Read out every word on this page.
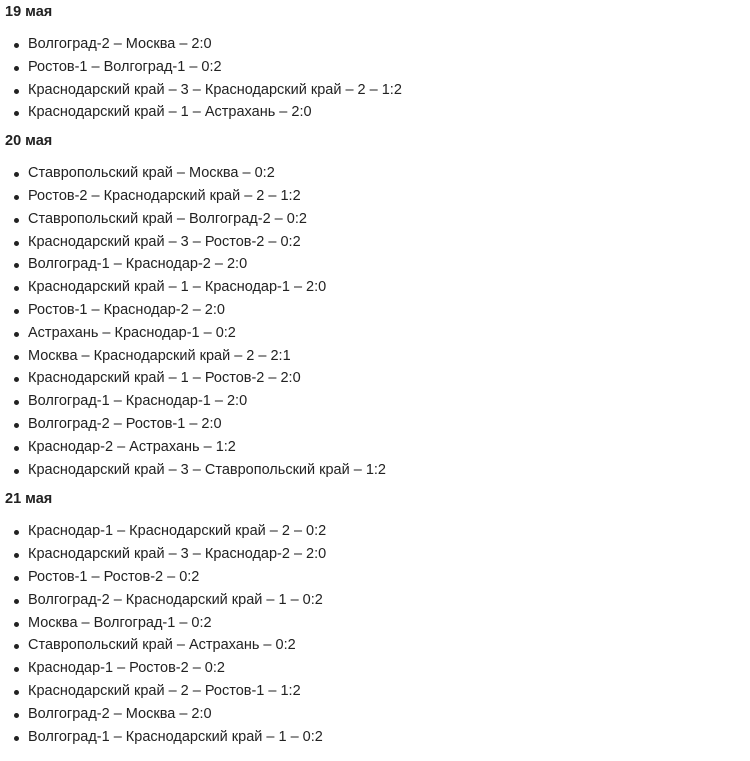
19 мая
Волгоград-2 – Москва – 2:0
Ростов-1 – Волгоград-1 – 0:2
Краснодарский край – 3 – Краснодарский край – 2 – 1:2
Краснодарский край – 1 – Астрахань – 2:0
20 мая
Ставропольский край – Москва – 0:2
Ростов-2 – Краснодарский край – 2 – 1:2
Ставропольский край – Волгоград-2 – 0:2
Краснодарский край – 3 – Ростов-2 – 0:2
Волгоград-1 – Краснодар-2 – 2:0
Краснодарский край – 1 – Краснодар-1 – 2:0
Ростов-1 – Краснодар-2 – 2:0
Астрахань – Краснодар-1 – 0:2
Москва – Краснодарский край – 2 – 2:1
Краснодарский край – 1 – Ростов-2 – 2:0
Волгоград-1 – Краснодар-1 – 2:0
Волгоград-2 – Ростов-1 – 2:0
Краснодар-2 – Астрахань – 1:2
Краснодарский край – 3 – Ставропольский край – 1:2
21 мая
Краснодар-1 – Краснодарский край – 2 – 0:2
Краснодарский край – 3 – Краснодар-2 – 2:0
Ростов-1 – Ростов-2 – 0:2
Волгоград-2 – Краснодарский край – 1 – 0:2
Москва – Волгоград-1 – 0:2
Ставропольский край – Астрахань – 0:2
Краснодар-1 – Ростов-2 – 0:2
Краснодарский край – 2 – Ростов-1 – 1:2
Волгоград-2 – Москва – 2:0
Волгоград-1 – Краснодарский край – 1 – 0:2
